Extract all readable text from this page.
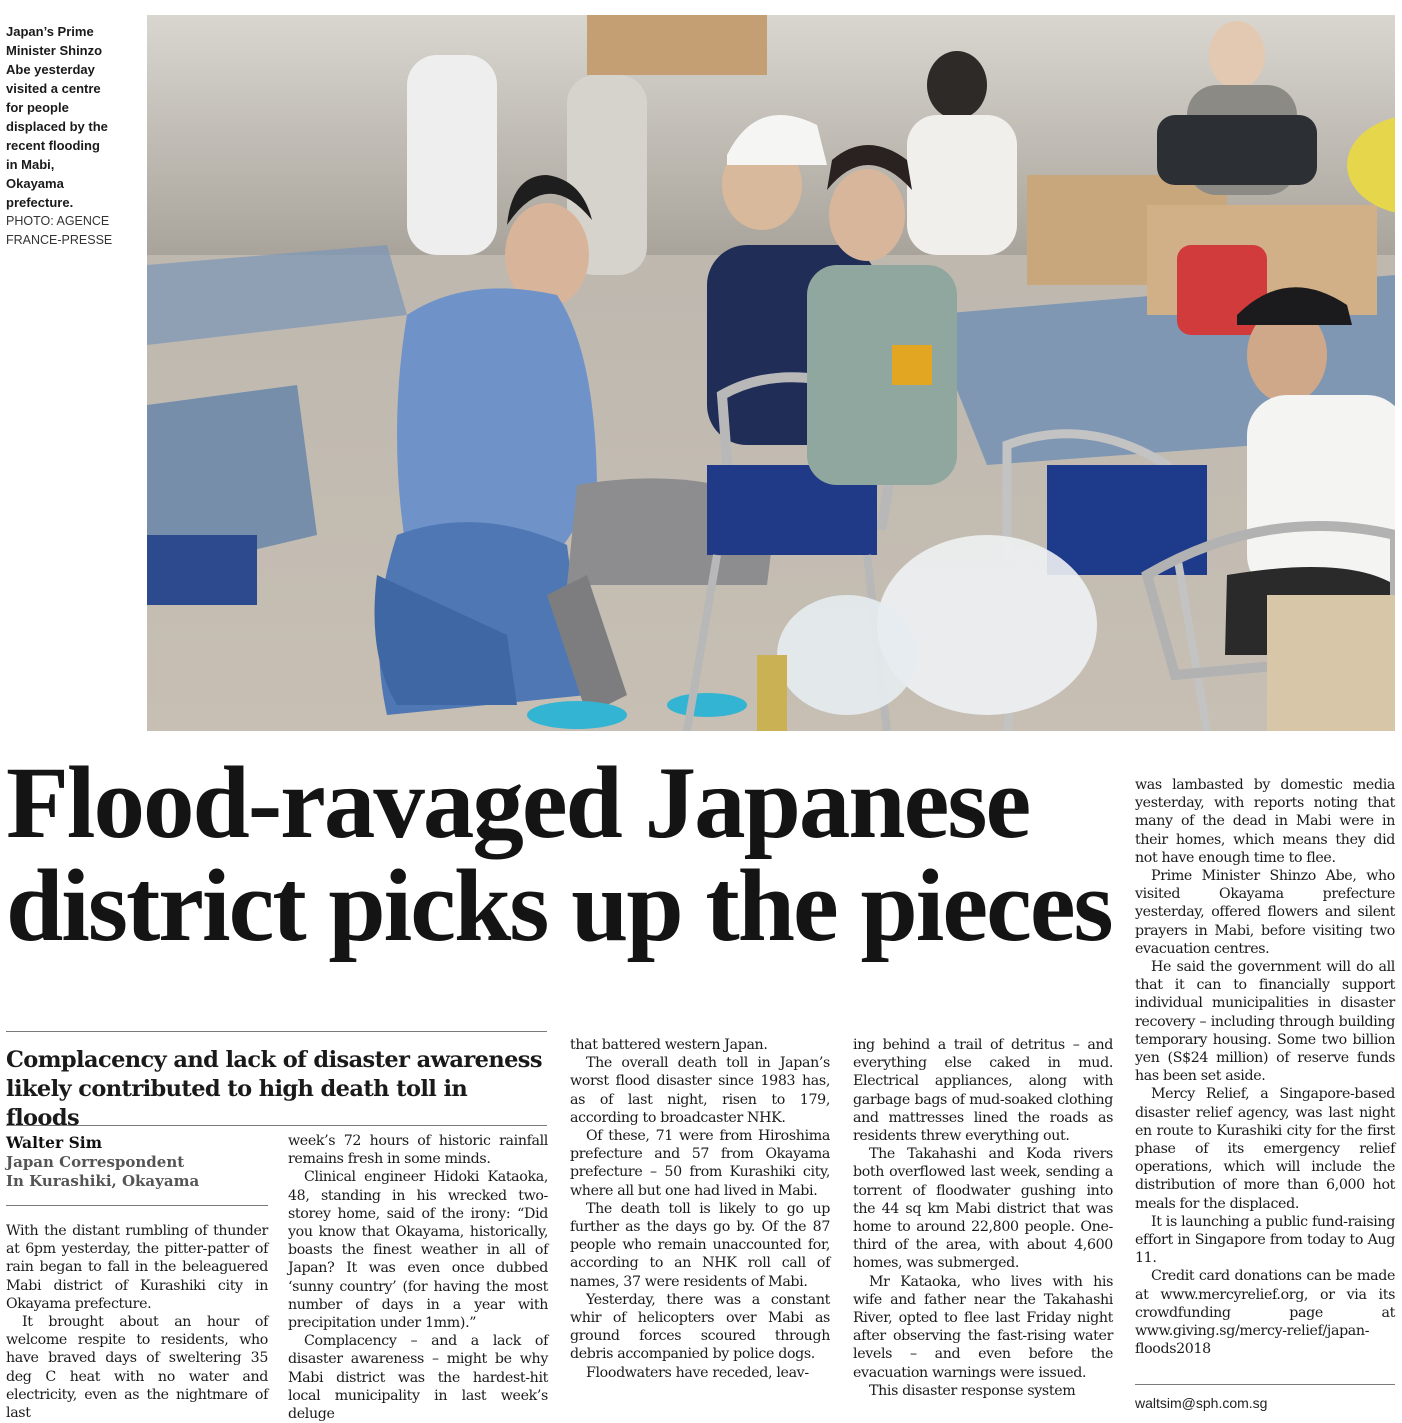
Japan’s Prime
Minister Shinzo
Abe yesterday
visited a centre
for people
displaced by the
recent flooding
in Mabi,
Okayama
prefecture.
PHOTO: AGENCE
FRANCE-PRESSE
Flood-ravaged Japanese
district picks up the pieces
Complacency and lack of disaster awareness
likely contributed to high death toll in floods
Walter Sim
Japan Correspondent
In Kurashiki, Okayama

With the distant rumbling of thunder at 6pm yesterday, the pitter-patter of rain began to fall in the beleaguered Mabi district of Kurashiki city in Okayama prefecture.

It brought about an hour of welcome respite to residents, who have braved days of sweltering 35 deg C heat with no water and electricity, even as the nightmare of last

week’s 72 hours of historic rainfall remains fresh in some minds.

Clinical engineer Hidoki Kataoka, 48, standing in his wrecked two-storey home, said of the irony: “Did you know that Okayama, historically, boasts the finest weather in all of Japan? It was even once dubbed ‘sunny country’ (for having the most number of days in a year with precipitation under 1mm).”

Complacency – and a lack of disaster awareness – might be why Mabi district was the hardest-hit local municipality in last week’s deluge

that battered western Japan.

The overall death toll in Japan’s worst flood disaster since 1983 has, as of last night, risen to 179, according to broadcaster NHK.

Of these, 71 were from Hiroshima prefecture and 57 from Okayama prefecture – 50 from Kurashiki city, where all but one had lived in Mabi.

The death toll is likely to go up further as the days go by. Of the 87 people who remain unaccounted for, according to an NHK roll call of names, 37 were residents of Mabi.

Yesterday, there was a constant whir of helicopters over Mabi as ground forces scoured through debris accompanied by police dogs.

Floodwaters have receded, leav-

ing behind a trail of detritus – and everything else caked in mud. Electrical appliances, along with garbage bags of mud-soaked clothing and mattresses lined the roads as residents threw everything out.

The Takahashi and Koda rivers both overflowed last week, sending a torrent of floodwater gushing into the 44 sq km Mabi district that was home to around 22,800 people. One-third of the area, with about 4,600 homes, was submerged.

Mr Kataoka, who lives with his wife and father near the Takahashi River, opted to flee last Friday night after observing the fast-rising water levels – and even before the evacuation warnings were issued.

This disaster response system

was lambasted by domestic media yesterday, with reports noting that many of the dead in Mabi were in their homes, which means they did not have enough time to flee.

Prime Minister Shinzo Abe, who visited Okayama prefecture yesterday, offered flowers and silent prayers in Mabi, before visiting two evacuation centres.

He said the government will do all that it can to financially support individual municipalities in disaster recovery – including through building temporary housing. Some two billion yen (S$24 million) of reserve funds has been set aside.

Mercy Relief, a Singapore-based disaster relief agency, was last night en route to Kurashiki city for the first phase of its emergency relief operations, which will include the distribution of more than 6,000 hot meals for the displaced.

It is launching a public fund-raising effort in Singapore from today to Aug 11.

Credit card donations can be made at www.mercyrelief.org, or via its crowdfunding page at www.giving.sg/mercy-relief/japan-floods2018

waltsim@sph.com.sg
